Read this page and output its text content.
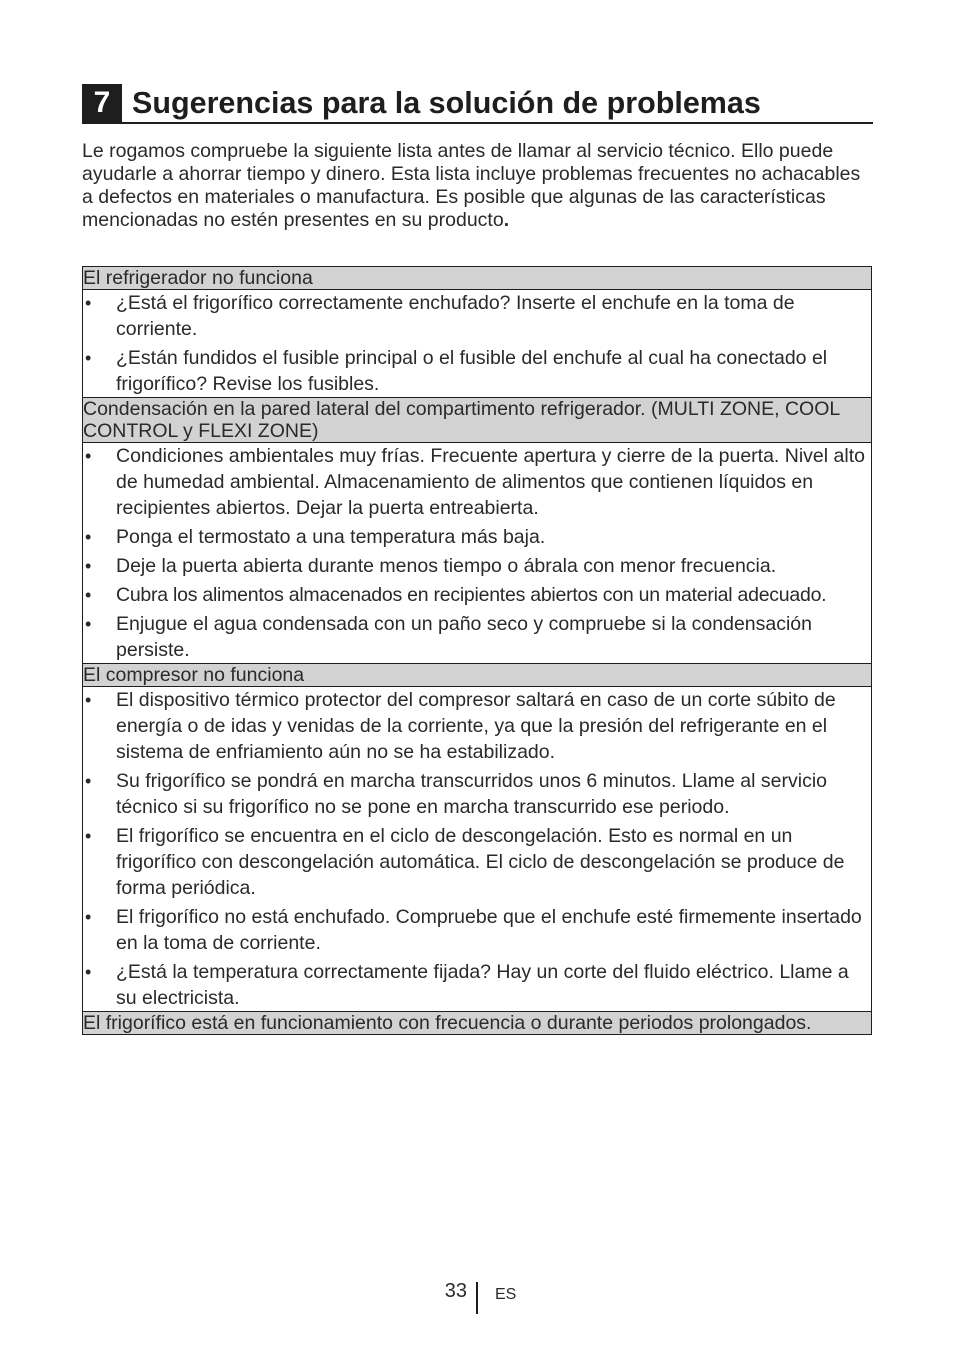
7 Sugerencias para la solución de problemas

Le rogamos compruebe la siguiente lista antes de llamar al servicio técnico. Ello puede ayudarle a ahorrar tiempo y dinero. Esta lista incluye problemas frecuentes no achacables a defectos en materiales o manufactura. Es posible que algunas de las características mencionadas no estén presentes en su producto.

El refrigerador no funciona

• ¿Está el frigorífico correctamente enchufado? Inserte el enchufe en la toma de corriente.
• ¿Están fundidos el fusible principal o el fusible del enchufe al cual ha conectado el frigorífico? Revise los fusibles.

Condensación en la pared lateral del compartimento refrigerador. (MULTI ZONE, COOL CONTROL y FLEXI ZONE)

• Condiciones ambientales muy frías. Frecuente apertura y cierre de la puerta. Nivel alto de humedad ambiental. Almacenamiento de alimentos que contienen líquidos en recipientes abiertos. Dejar la puerta entreabierta.
• Ponga el termostato a una temperatura más baja.
• Deje la puerta abierta durante menos tiempo o ábrala con menor frecuencia.
• Cubra los alimentos almacenados en recipientes abiertos con un material adecuado.
• Enjugue el agua condensada con un paño seco y compruebe si la condensación persiste.

El compresor no funciona

• El dispositivo térmico protector del compresor saltará en caso de un corte súbito de energía o de idas y venidas de la corriente, ya que la presión del refrigerante en el sistema de enfriamiento aún no se ha estabilizado.
• Su frigorífico se pondrá en marcha transcurridos unos 6 minutos. Llame al servicio técnico si su frigorífico no se pone en marcha transcurrido ese periodo.
• El frigorífico se encuentra en el ciclo de descongelación. Esto es normal en un frigorífico con descongelación automática. El ciclo de descongelación se produce de forma periódica.
• El frigorífico no está enchufado. Compruebe que el enchufe esté firmemente insertado en la toma de corriente.
• ¿Está la temperatura correctamente fijada? Hay un corte del fluido eléctrico. Llame a su electricista.

El frigorífico está en funcionamiento con frecuencia o durante periodos prolongados.
33 ES
